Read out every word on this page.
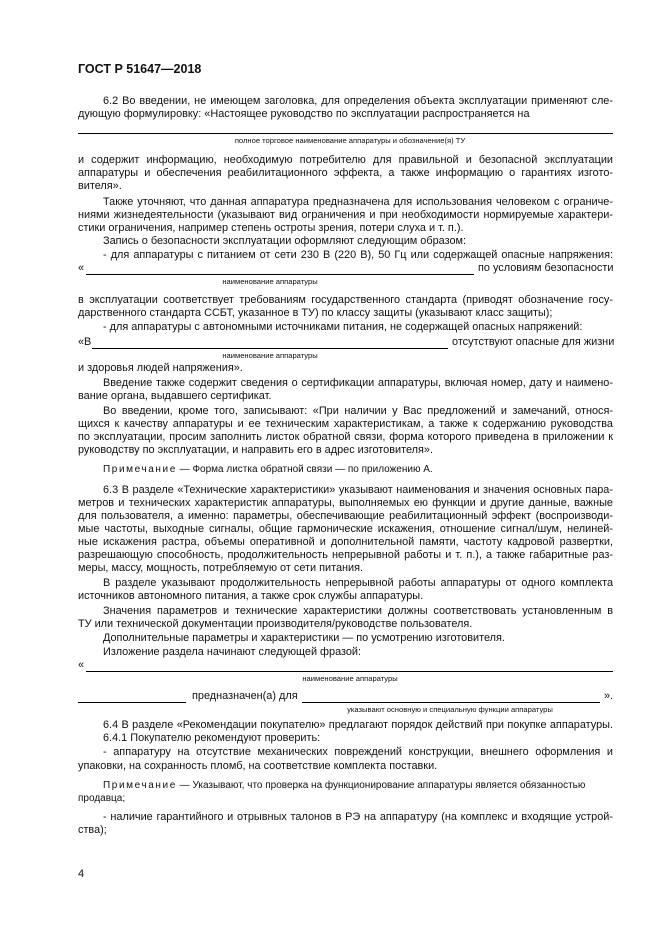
ГОСТ Р 51647—2018
6.2 Во введении, не имеющем заголовка, для определения объекта эксплуатации применяют сле-
дующую формулировку: «Настоящее руководство по эксплуатации распространяется на
полное торговое наименование аппаратуры и обозначение(я) ТУ
и содержит информацию, необходимую потребителю для правильной и безопасной эксплуатации
аппаратуры и обеспечения реабилитационного эффекта, а также информацию о гарантиях изгото-
вителя».
Также уточняют, что данная аппаратура предназначена для использования человеком с ограниче-
ниями жизнедеятельности (указывают вид ограничения и при необходимости нормируемые характери-
стики ограничения, например степень остроты зрения, потери слуха и т. п.).
Запись о безопасности эксплуатации оформляют следующим образом:
- для аппаратуры с питанием от сети 230 В (220 В), 50 Гц или содержащей опасные напряжения:
«	по условиям безопасности
наименование аппаратуры
в эксплуатации соответствует требованиям государственного стандарта (приводят обозначение госу-
дарственного стандарта ССБТ, указанное в ТУ) по классу защиты (указывают класс защиты);
- для аппаратуры с автономными источниками питания, не содержащей опасных напряжений:
«В	отсутствуют опасные для жизни
наименование аппаратуры
и здоровья людей напряжения».
Введение также содержит сведения о сертификации аппаратуры, включая номер, дату и наимено-
вание органа, выдавшего сертификат.
Во введении, кроме того, записывают: «При наличии у Вас предложений и замечаний, относя-
щихся к качеству аппаратуры и ее техническим характеристикам, а также к содержанию руководства
по эксплуатации, просим заполнить листок обратной связи, форма которого приведена в приложении к
руководству по эксплуатации, и направить его в адрес изготовителя».
Примечание — Форма листка обратной связи — по приложению А.
6.3 В разделе «Технические характеристики» указывают наименования и значения основных пара-
метров и технических характеристик аппаратуры, выполняемых ею функции и другие данные, важные
для пользователя, а именно: параметры, обеспечивающие реабилитационный эффект (воспроизводи-
мые частоты, выходные сигналы, общие гармонические искажения, отношение сигнал/шум, нелиней-
ные искажения растра, объемы оперативной и дополнительной памяти, частоту кадровой развертки,
разрешающую способность, продолжительность непрерывной работы и т. п.), а также габаритные раз-
меры, массу, мощность, потребляемую от сети питания.
В разделе указывают продолжительность непрерывной работы аппаратуры от одного комплекта
источников автономного питания, а также срок службы аппаратуры.
Значения параметров и технические характеристики должны соответствовать установленным в
ТУ или технической документации производителя/руководстве пользователя.
Дополнительные параметры и характеристики — по усмотрению изготовителя.
Изложение раздела начинают следующей фразой:
«
наименование аппаратуры
предназначен(а) для	».
указывают основную и специальную функции аппаратуры
6.4 В разделе «Рекомендации покупателю» предлагают порядок действий при покупке аппаратуры.
6.4.1 Покупателю рекомендуют проверить:
- аппаратуру на отсутствие механических повреждений конструкции, внешнего оформления и
упаковки, на сохранность пломб, на соответствие комплекта поставки.
Примечание — Указывают, что проверка на функционирование аппаратуры является обязанностью
продавца;
- наличие гарантийного и отрывных талонов в РЭ на аппаратуру (на комплекс и входящие устрой-
ства);
4
